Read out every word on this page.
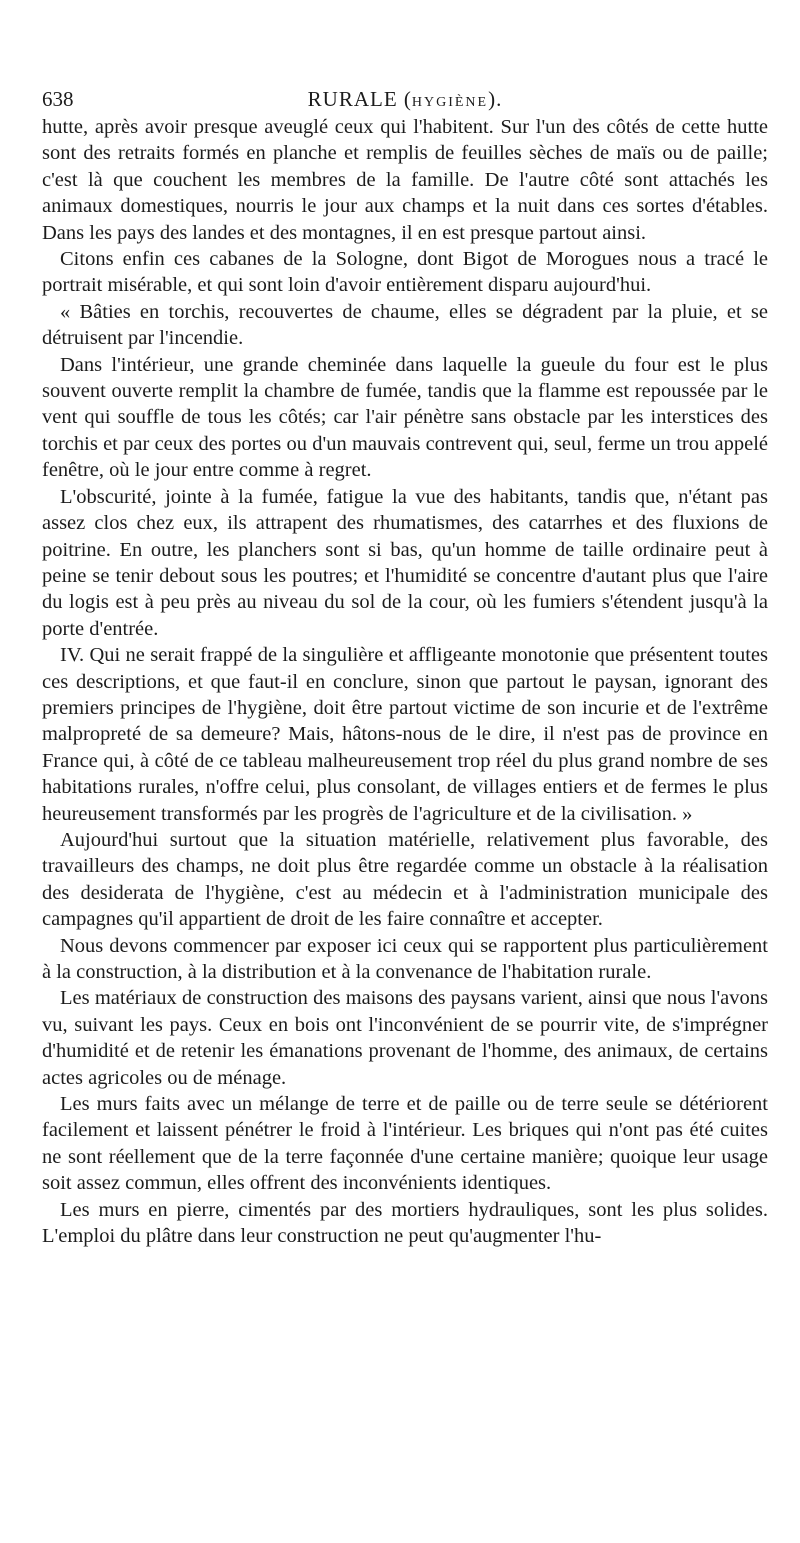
638	RURALE (HYGIÈNE).

hutte, après avoir presque aveuglé ceux qui l'habitent. Sur l'un des côtés de cette hutte sont des retraits formés en planche et remplis de feuilles sèches de maïs ou de paille; c'est là que couchent les membres de la famille. De l'autre côté sont attachés les animaux domestiques, nourris le jour aux champs et la nuit dans ces sortes d'étables. Dans les pays des landes et des montagnes, il en est presque partout ainsi.

Citons enfin ces cabanes de la Sologne, dont Bigot de Morogues nous a tracé le portrait misérable, et qui sont loin d'avoir entièrement disparu aujourd'hui.

« Bâties en torchis, recouvertes de chaume, elles se dégradent par la pluie, et se détruisent par l'incendie.

Dans l'intérieur, une grande cheminée dans laquelle la gueule du four est le plus souvent ouverte remplit la chambre de fumée, tandis que la flamme est repoussée par le vent qui souffle de tous les côtés; car l'air pénètre sans obstacle par les interstices des torchis et par ceux des portes ou d'un mauvais contrevent qui, seul, ferme un trou appelé fenêtre, où le jour entre comme à regret.

L'obscurité, jointe à la fumée, fatigue la vue des habitants, tandis que, n'étant pas assez clos chez eux, ils attrapent des rhumatismes, des catarrhes et des fluxions de poitrine. En outre, les planchers sont si bas, qu'un homme de taille ordinaire peut à peine se tenir debout sous les poutres; et l'humidité se concentre d'autant plus que l'aire du logis est à peu près au niveau du sol de la cour, où les fumiers s'étendent jusqu'à la porte d'entrée.

IV. Qui ne serait frappé de la singulière et affligeante monotonie que présentent toutes ces descriptions, et que faut-il en conclure, sinon que partout le paysan, ignorant des premiers principes de l'hygiène, doit être partout victime de son incurie et de l'extrême malpropreté de sa demeure? Mais, hâtons-nous de le dire, il n'est pas de province en France qui, à côté de ce tableau malheureusement trop réel du plus grand nombre de ses habitations rurales, n'offre celui, plus consolant, de villages entiers et de fermes le plus heureusement transformés par les progrès de l'agriculture et de la civilisation. »

Aujourd'hui surtout que la situation matérielle, relativement plus favorable, des travailleurs des champs, ne doit plus être regardée comme un obstacle à la réalisation des desiderata de l'hygiène, c'est au médecin et à l'administration municipale des campagnes qu'il appartient de droit de les faire connaître et accepter.

Nous devons commencer par exposer ici ceux qui se rapportent plus particulièrement à la construction, à la distribution et à la convenance de l'habitation rurale.

Les matériaux de construction des maisons des paysans varient, ainsi que nous l'avons vu, suivant les pays. Ceux en bois ont l'inconvénient de se pourrir vite, de s'imprégner d'humidité et de retenir les émanations provenant de l'homme, des animaux, de certains actes agricoles ou de ménage.

Les murs faits avec un mélange de terre et de paille ou de terre seule se détériorent facilement et laissent pénétrer le froid à l'intérieur. Les briques qui n'ont pas été cuites ne sont réellement que de la terre façonnée d'une certaine manière; quoique leur usage soit assez commun, elles offrent des inconvénients identiques.

Les murs en pierre, cimentés par des mortiers hydrauliques, sont les plus solides. L'emploi du plâtre dans leur construction ne peut qu'augmenter l'hu-
